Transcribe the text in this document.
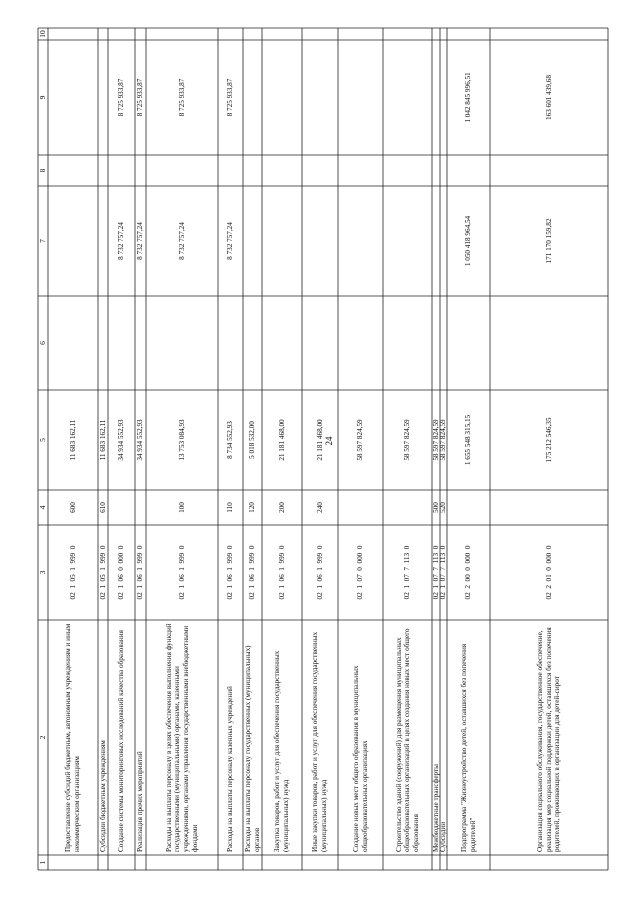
24
1
2
3
4
5
6
7
8
9
10
Предоставление субсидий бюджетным, автономным учреждениям и иным некоммерческим организациям
02  1  05  1  999  0
600
11 683 162,11
Субсидии бюджетным учреждениям
02  1  05  1  999  0
610
11 683 162,11
Создание системы мониторинговых исследований качества образования
02  1  06  0  000  0
34 934 552,93
8 732 757,24
8 725 933,87
Реализация прочих мероприятий
02  1  06  1  999  0
34 934 552,93
8 732 757,24
8 725 933,87
Расходы на выплаты персоналу в целях обеспечения выполнения функций государственными (муниципальными) органами, казенными учреждениями, органами управления государственными внебюджетными фондами
02  1  06  1  999  0
100
13 753 084,93
8 732 757,24
8 725 933,87
Расходы на выплаты персоналу казенных учреждений
02  1  06  1  999  0
110
8 734 552,93
8 732 757,24
8 725 933,87
Расходы на выплаты персоналу государственных (муниципальных) органов
02  1  06  1  999  0
120
5 018 532,00
Закупка товаров, работ и услуг для обеспечения государственных (муниципальных) нужд
02  1  06  1  999  0
200
21 181 468,00
Иные закупки товаров, работ и услуг для обеспечения государственных (муниципальных) нужд
02  1  06  1  999  0
240
21 181 468,00
Создание новых мест общего образования в муниципальных общеобразовательных организациях
02  1  07  0  000  0
58 597 824,59
Строительство зданий (сооружений) для размещения муниципальных общеобразовательных организаций в целях создания новых мест общего образования
02  1  07  7  113  0
58 597 824,59
Межбюджетные трансферты
02  1  07  7  113  0
500
58 597 824,59
Субсидии
02  1  07  7  113  0
520
58 597 824,59
Подпрограмма "Жизнеустройство детей, оставшихся без попечения родителей"
02  2  00  0  000  0
1 655 548 315,15
1 050 418 964,54
1 042 845 996,51
Организация социального обслуживания, государственное обеспечение, реализация мер социальной поддержки детей, оставшихся без попечения родителей, проживающих в организации для детей-сирот
02  2  01  0  000  0
175 212 546,35
171 170 159,82
163 601 439,68
